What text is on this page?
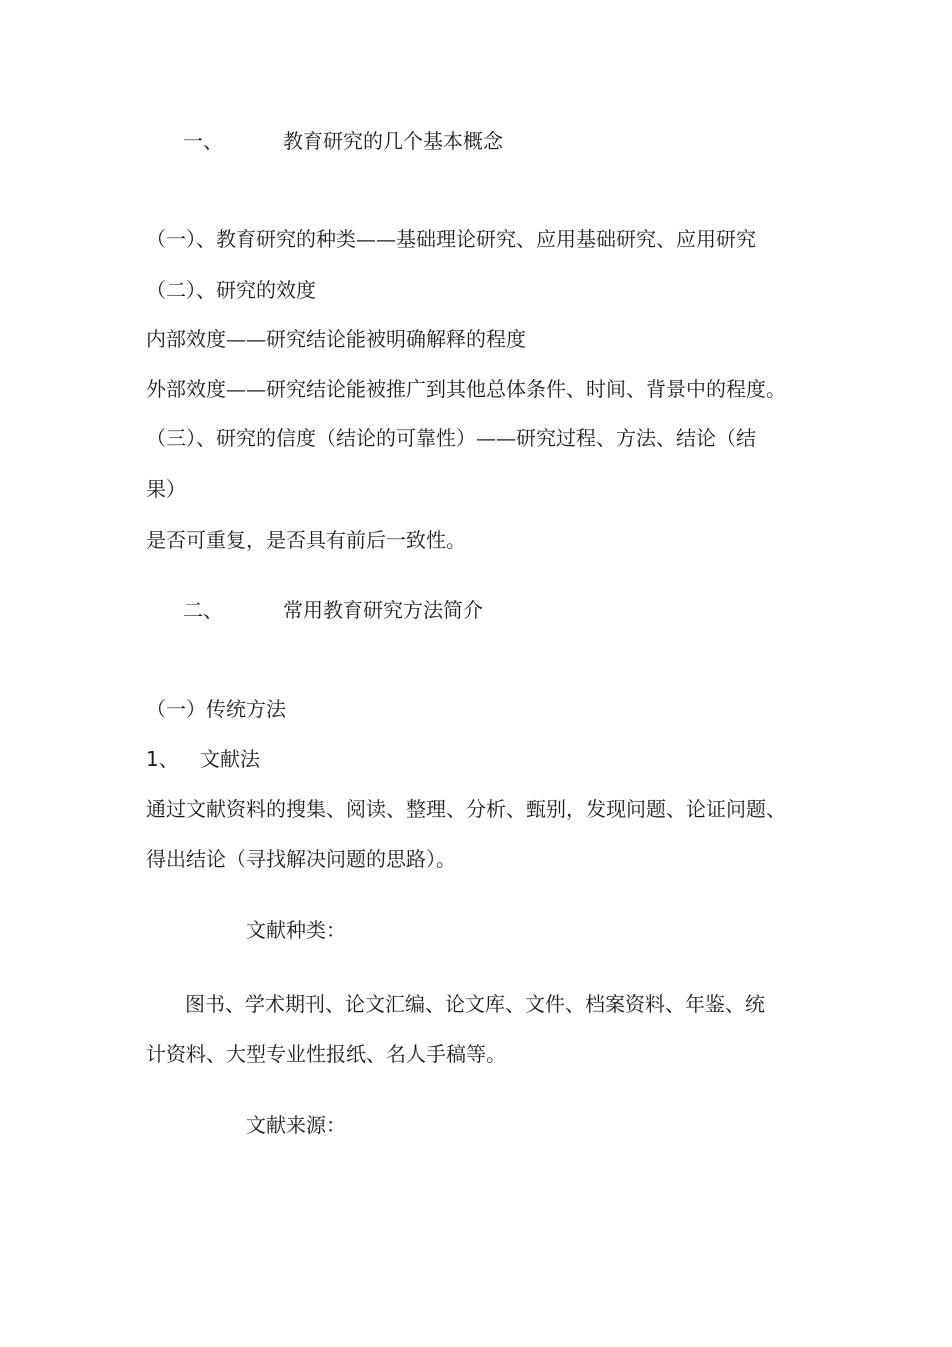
一、	教育研究的几个基本概念
（一）、教育研究的种类——基础理论研究、应用基础研究、应用研究
（二）、研究的效度
内部效度——研究结论能被明确解释的程度
外部效度——研究结论能被推广到其他总体条件、时间、背景中的程度。
（三）、研究的信度（结论的可靠性）——研究过程、方法、结论（结
果）
是否可重复，是否具有前后一致性。
二、	常用教育研究方法简介
（一）传统方法
1、 文献法
通过文献资料的搜集、阅读、整理、分析、甄别，发现问题、论证问题、
得出结论（寻找解决问题的思路）。
文献种类：
图书、学术期刊、论文汇编、论文库、文件、档案资料、年鉴、统
计资料、大型专业性报纸、名人手稿等。
文献来源：
